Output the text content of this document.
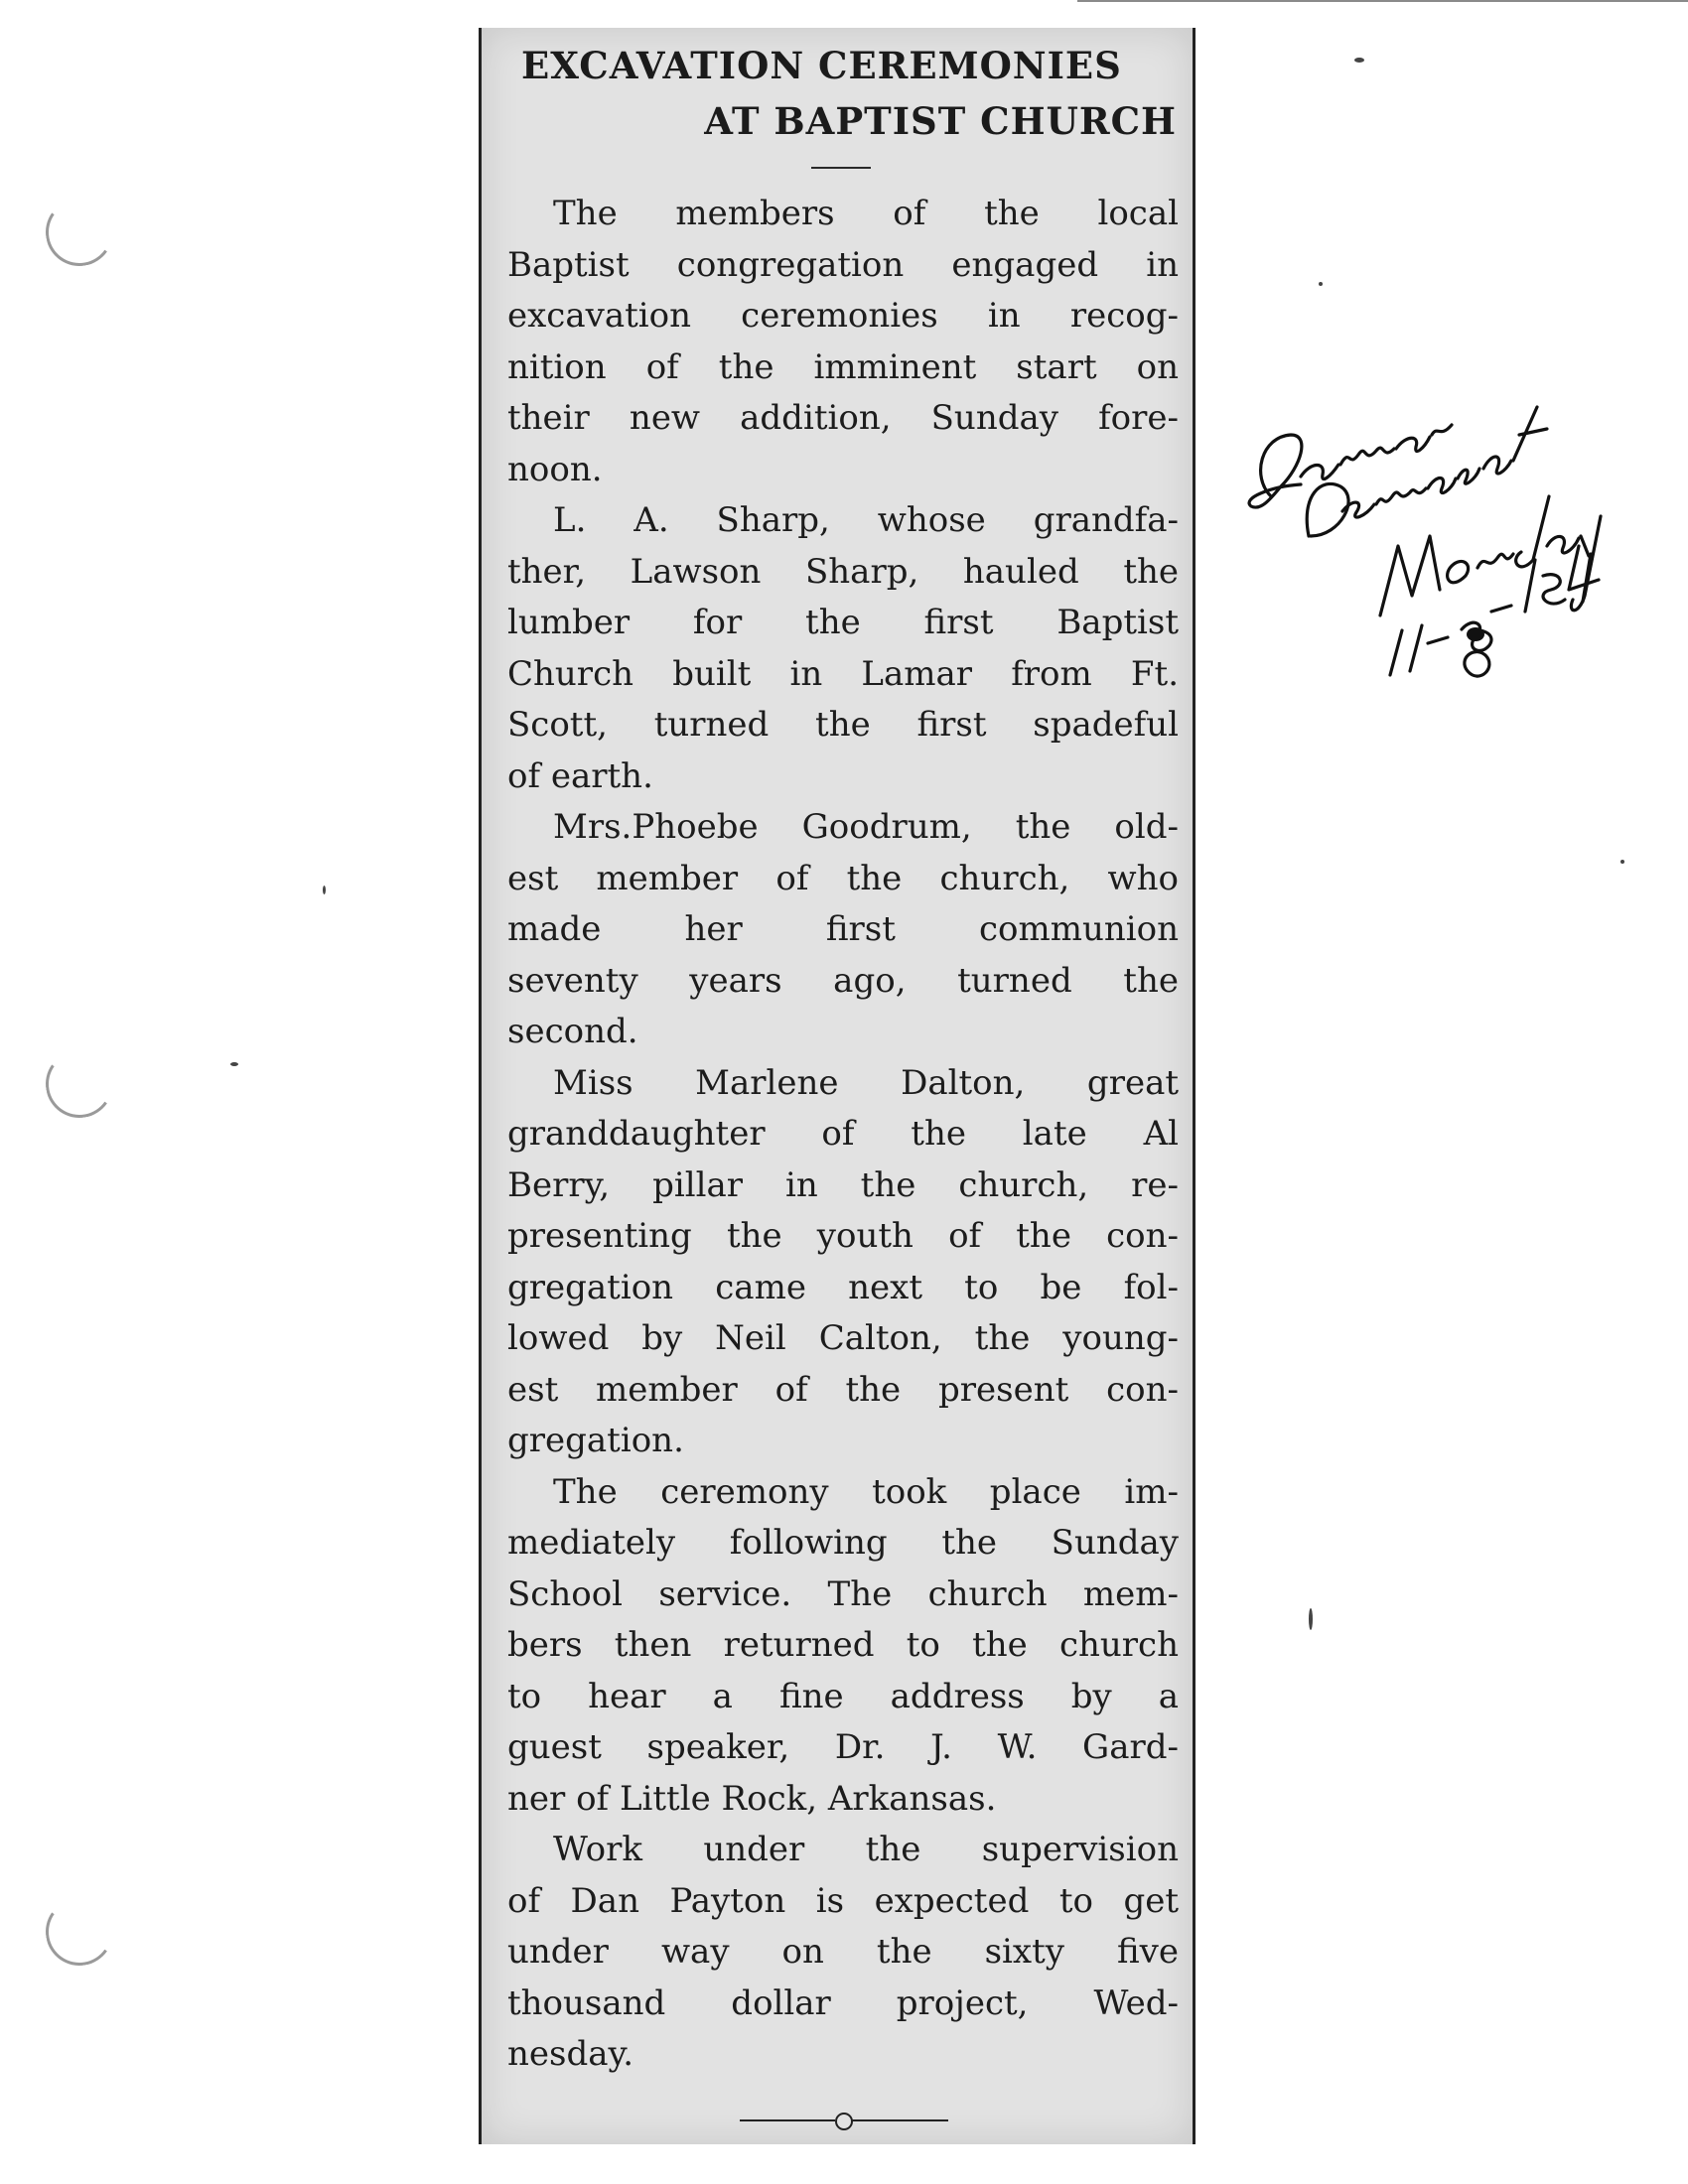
EXCAVATION CEREMONIES
AT BAPTIST CHURCH
The members of the local
Baptist congregation engaged in
excavation ceremonies in recog-
nition of the imminent start on
their new addition, Sunday fore-
noon.
L. A. Sharp, whose grandfa-
ther, Lawson Sharp, hauled the
lumber for the first Baptist
Church built in Lamar from Ft.
Scott, turned the first spadeful
of earth.
Mrs.Phoebe Goodrum, the old-
est member of the church, who
made her first communion
seventy years ago, turned the
second.
Miss Marlene Dalton, great
granddaughter of the late Al
Berry, pillar in the church, re-
presenting the youth of the con-
gregation came next to be fol-
lowed by Neil Calton, the young-
est member of the present con-
gregation.
The ceremony took place im-
mediately following the Sunday
School service. The church mem-
bers then returned to the church
to hear a fine address by a
guest speaker, Dr. J. W. Gard-
ner of Little Rock, Arkansas.
Work under the supervision
of Dan Payton is expected to get
under way on the sixty five
thousand dollar project, Wed-
nesday.
